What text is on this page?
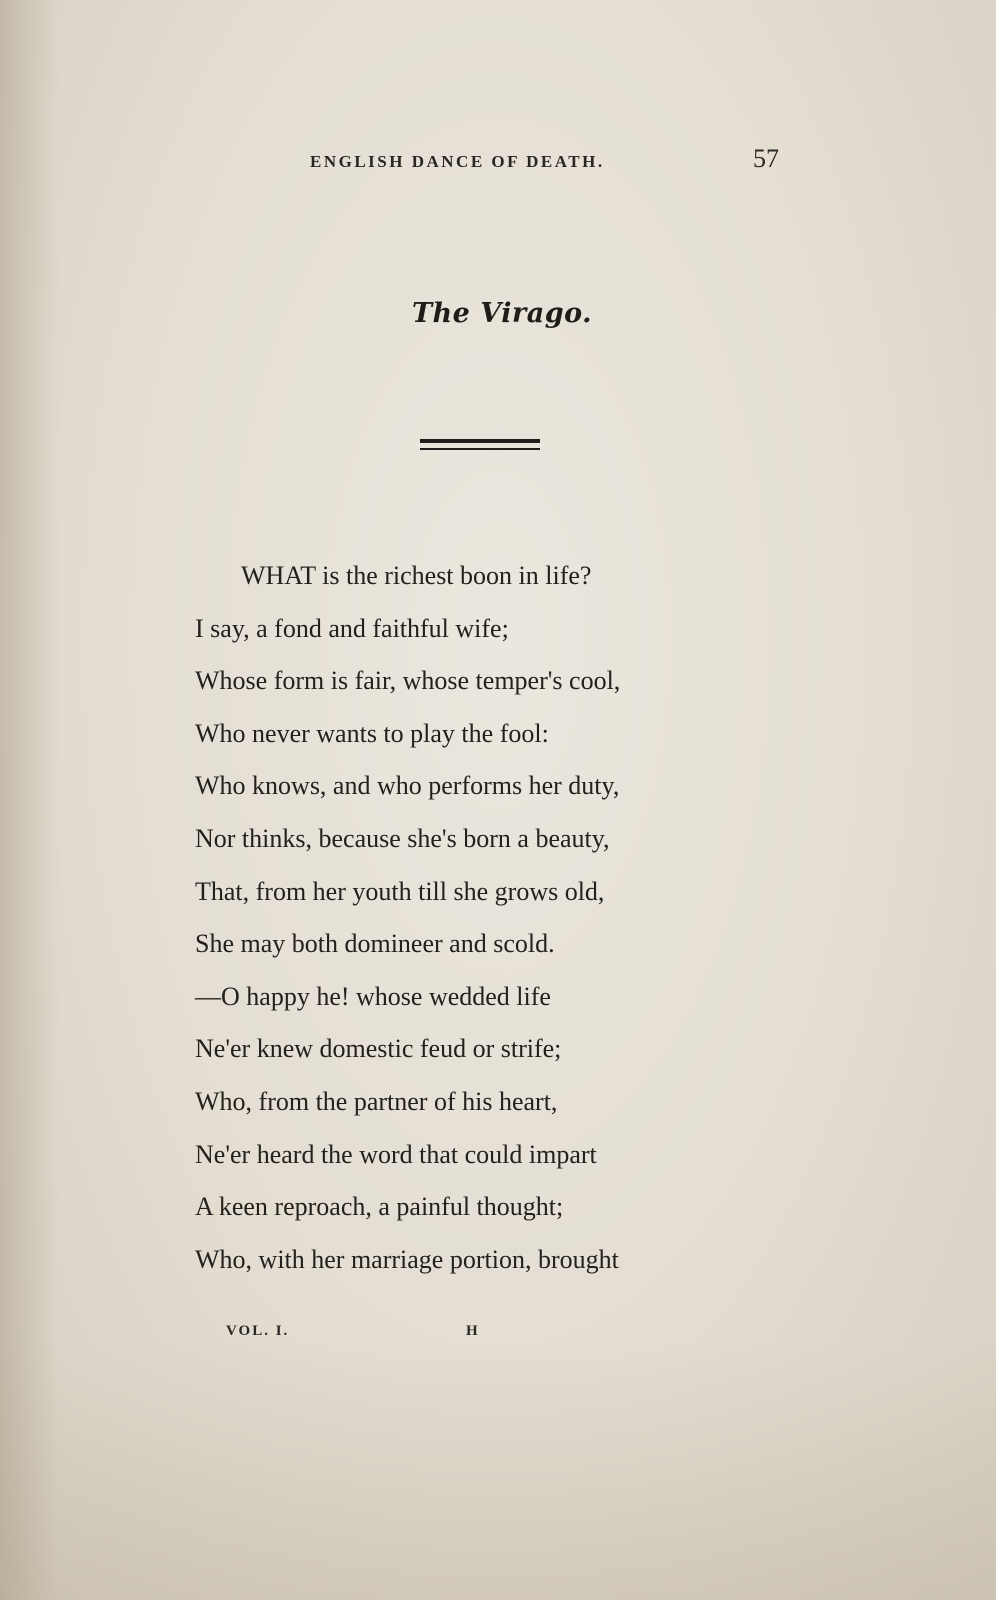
ENGLISH DANCE OF DEATH.	57
The Virago.
WHAT is the richest boon in life?
I say, a fond and faithful wife;
Whose form is fair, whose temper's cool,
Who never wants to play the fool:
Who knows, and who performs her duty,
Nor thinks, because she's born a beauty,
That, from her youth till she grows old,
She may both domineer and scold.
—O happy he! whose wedded life
Ne'er knew domestic feud or strife;
Who, from the partner of his heart,
Ne'er heard the word that could impart
A keen reproach, a painful thought;
Who, with her marriage portion, brought
VOL. I.	H
